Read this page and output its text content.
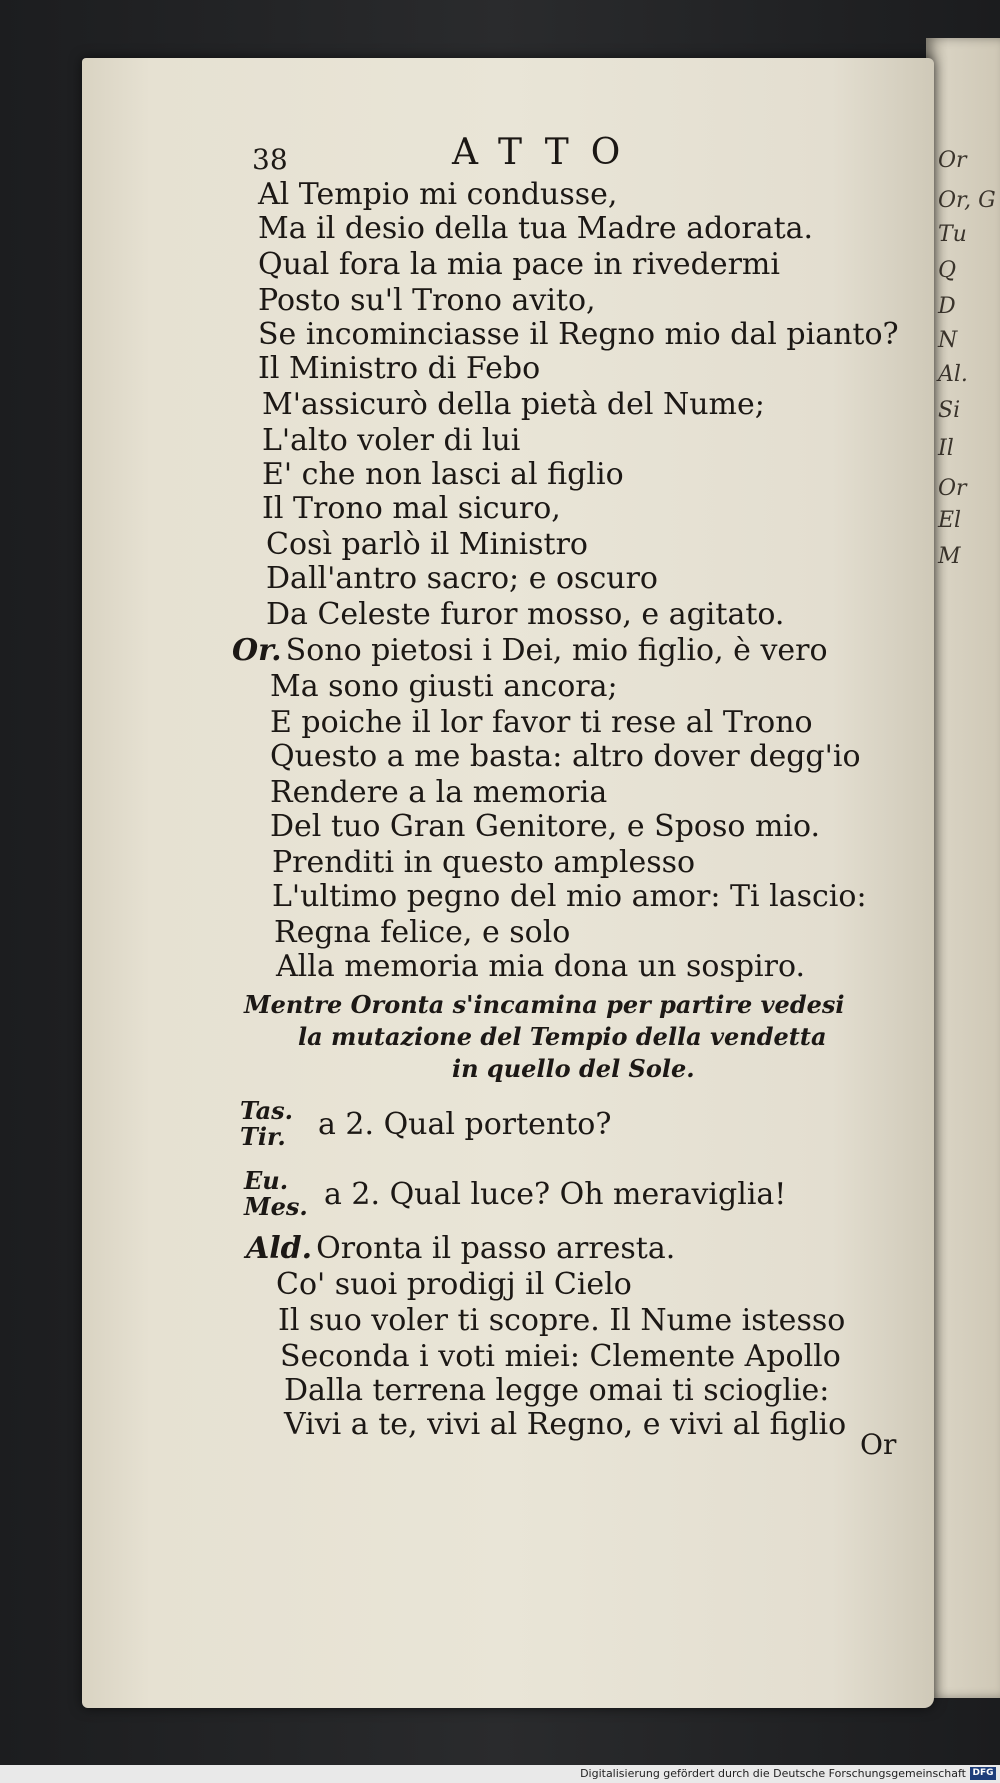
Or
Or, G
Tu
Q
D
N
Al.
Si
Il
Or
El
M
38	ATTO
Al Tempio mi condusse,
Ma il desio della tua Madre adorata.
Qual fora la mia pace in rivedermi
Posto su'l Trono avito,
Se incominciasse il Regno mio dal pianto?
Il Ministro di Febo
M'assicurò della pietà del Nume;
L'alto voler di lui
E' che non lasci al figlio
Il Trono mal sicuro,
Così parlò il Ministro
Dall'antro sacro; e oscuro
Da Celeste furor mosso, e agitato.
Or. Sono pietosi i Dei, mio figlio, è vero
Ma sono giusti ancora;
E poiche il lor favor ti rese al Trono
Questo a me basta: altro dover degg'io
Rendere a la memoria
Del tuo Gran Genitore, e Sposo mio.
Prenditi in questo amplesso
L'ultimo pegno del mio amor: Ti lascio:
Regna felice, e solo
Alla memoria mia dona un sospiro.
Mentre Oronta s'incamina per partire vedesi
la mutazione del Tempio della vendetta
in quello del Sole.
Tas.
Tir. a 2. Qual portento?
Eu.
Mes. a 2. Qual luce? Oh meraviglia!
Ald. Oronta il passo arresta.
Co' suoi prodigj il Cielo
Il suo voler ti scopre. Il Nume istesso
Seconda i voti miei: Clemente Apollo
Dalla terrena legge omai ti scioglie:
Vivi a te, vivi al Regno, e vivi al figlio
Or
Digitalisierung gefördert durch die Deutsche Forschungsgemeinschaft DFG
